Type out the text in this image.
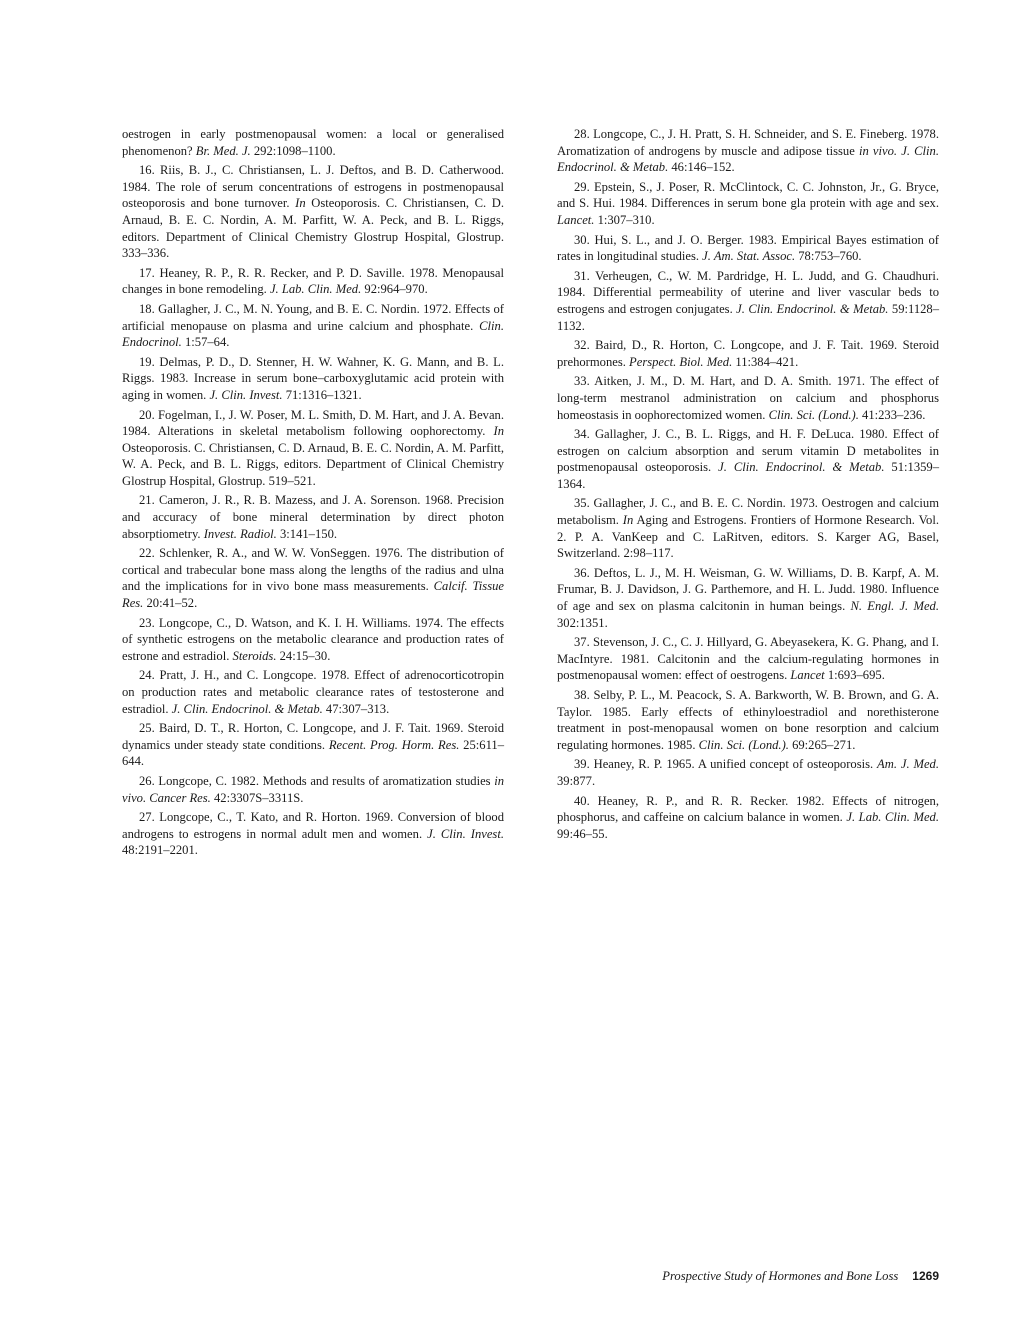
oestrogen in early postmenopausal women: a local or generalised phenomenon? Br. Med. J. 292:1098–1100.

16. Riis, B. J., C. Christiansen, L. J. Deftos, and B. D. Catherwood. 1984. The role of serum concentrations of estrogens in postmenopausal osteoporosis and bone turnover. In Osteoporosis. C. Christiansen, C. D. Arnaud, B. E. C. Nordin, A. M. Parfitt, W. A. Peck, and B. L. Riggs, editors. Department of Clinical Chemistry Glostrup Hospital, Glostrup. 333–336.

17. Heaney, R. P., R. R. Recker, and P. D. Saville. 1978. Menopausal changes in bone remodeling. J. Lab. Clin. Med. 92:964–970.

18. Gallagher, J. C., M. N. Young, and B. E. C. Nordin. 1972. Effects of artificial menopause on plasma and urine calcium and phosphate. Clin. Endocrinol. 1:57–64.

19. Delmas, P. D., D. Stenner, H. W. Wahner, K. G. Mann, and B. L. Riggs. 1983. Increase in serum bone–carboxyglutamic acid protein with aging in women. J. Clin. Invest. 71:1316–1321.

20. Fogelman, I., J. W. Poser, M. L. Smith, D. M. Hart, and J. A. Bevan. 1984. Alterations in skeletal metabolism following oophorectomy. In Osteoporosis. C. Christiansen, C. D. Arnaud, B. E. C. Nordin, A. M. Parfitt, W. A. Peck, and B. L. Riggs, editors. Department of Clinical Chemistry Glostrup Hospital, Glostrup. 519–521.

21. Cameron, J. R., R. B. Mazess, and J. A. Sorenson. 1968. Precision and accuracy of bone mineral determination by direct photon absorptiometry. Invest. Radiol. 3:141–150.

22. Schlenker, R. A., and W. W. VonSeggen. 1976. The distribution of cortical and trabecular bone mass along the lengths of the radius and ulna and the implications for in vivo bone mass measurements. Calcif. Tissue Res. 20:41–52.

23. Longcope, C., D. Watson, and K. I. H. Williams. 1974. The effects of synthetic estrogens on the metabolic clearance and production rates of estrone and estradiol. Steroids. 24:15–30.

24. Pratt, J. H., and C. Longcope. 1978. Effect of adrenocorticotropin on production rates and metabolic clearance rates of testosterone and estradiol. J. Clin. Endocrinol. & Metab. 47:307–313.

25. Baird, D. T., R. Horton, C. Longcope, and J. F. Tait. 1969. Steroid dynamics under steady state conditions. Recent. Prog. Horm. Res. 25:611–644.

26. Longcope, C. 1982. Methods and results of aromatization studies in vivo. Cancer Res. 42:3307S–3311S.

27. Longcope, C., T. Kato, and R. Horton. 1969. Conversion of blood androgens to estrogens in normal adult men and women. J. Clin. Invest. 48:2191–2201.

28. Longcope, C., J. H. Pratt, S. H. Schneider, and S. E. Fineberg. 1978. Aromatization of androgens by muscle and adipose tissue in vivo. J. Clin. Endocrinol. & Metab. 46:146–152.

29. Epstein, S., J. Poser, R. McClintock, C. C. Johnston, Jr., G. Bryce, and S. Hui. 1984. Differences in serum bone gla protein with age and sex. Lancet. 1:307–310.

30. Hui, S. L., and J. O. Berger. 1983. Empirical Bayes estimation of rates in longitudinal studies. J. Am. Stat. Assoc. 78:753–760.

31. Verheugen, C., W. M. Pardridge, H. L. Judd, and G. Chaudhuri. 1984. Differential permeability of uterine and liver vascular beds to estrogens and estrogen conjugates. J. Clin. Endocrinol. & Metab. 59:1128–1132.

32. Baird, D., R. Horton, C. Longcope, and J. F. Tait. 1969. Steroid prehormones. Perspect. Biol. Med. 11:384–421.

33. Aitken, J. M., D. M. Hart, and D. A. Smith. 1971. The effect of long-term mestranol administration on calcium and phosphorus homeostasis in oophorectomized women. Clin. Sci. (Lond.). 41:233–236.

34. Gallagher, J. C., B. L. Riggs, and H. F. DeLuca. 1980. Effect of estrogen on calcium absorption and serum vitamin D metabolites in postmenopausal osteoporosis. J. Clin. Endocrinol. & Metab. 51:1359–1364.

35. Gallagher, J. C., and B. E. C. Nordin. 1973. Oestrogen and calcium metabolism. In Aging and Estrogens. Frontiers of Hormone Research. Vol. 2. P. A. VanKeep and C. LaRitven, editors. S. Karger AG, Basel, Switzerland. 2:98–117.

36. Deftos, L. J., M. H. Weisman, G. W. Williams, D. B. Karpf, A. M. Frumar, B. J. Davidson, J. G. Parthemore, and H. L. Judd. 1980. Influence of age and sex on plasma calcitonin in human beings. N. Engl. J. Med. 302:1351.

37. Stevenson, J. C., C. J. Hillyard, G. Abeyasekera, K. G. Phang, and I. MacIntyre. 1981. Calcitonin and the calcium-regulating hormones in postmenopausal women: effect of oestrogens. Lancet 1:693–695.

38. Selby, P. L., M. Peacock, S. A. Barkworth, W. B. Brown, and G. A. Taylor. 1985. Early effects of ethinyloestradiol and norethisterone treatment in post-menopausal women on bone resorption and calcium regulating hormones. 1985. Clin. Sci. (Lond.). 69:265–271.

39. Heaney, R. P. 1965. A unified concept of osteoporosis. Am. J. Med. 39:877.

40. Heaney, R. P., and R. R. Recker. 1982. Effects of nitrogen, phosphorus, and caffeine on calcium balance in women. J. Lab. Clin. Med. 99:46–55.

Prospective Study of Hormones and Bone Loss 1269
